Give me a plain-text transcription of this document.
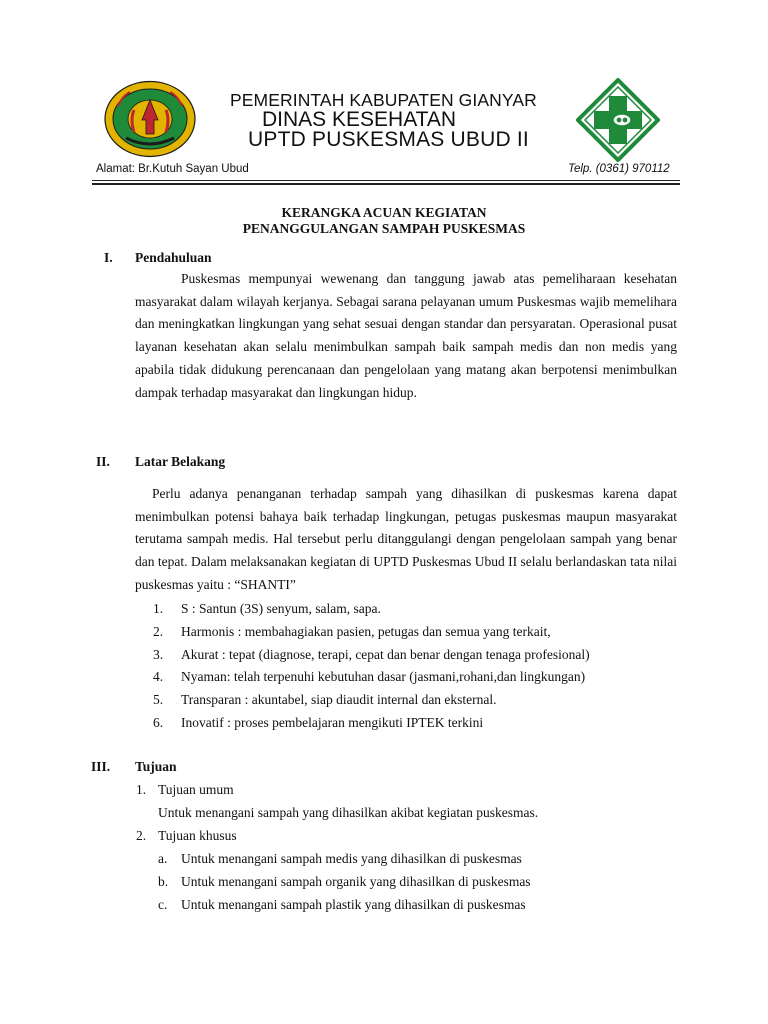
PEMERINTAH KABUPATEN GIANYAR
DINAS KESEHATAN
UPTD PUSKESMAS UBUD II
Alamat: Br.Kutuh Sayan Ubud	Telp. (0361) 970112
KERANGKA ACUAN KEGIATAN
PENANGGULANGAN SAMPAH PUSKESMAS
I. Pendahuluan

Puskesmas mempunyai wewenang dan tanggung jawab atas pemeliharaan kesehatan masyarakat dalam wilayah kerjanya. Sebagai sarana pelayanan umum Puskesmas wajib memelihara dan meningkatkan lingkungan yang sehat sesuai dengan standar dan persyaratan. Operasional pusat layanan kesehatan akan selalu menimbulkan sampah baik sampah medis dan non medis yang apabila tidak didukung perencanaan dan pengelolaan yang matang akan berpotensi menimbulkan dampak terhadap masyarakat dan lingkungan hidup.

II. Latar Belakang

Perlu adanya penanganan terhadap sampah yang dihasilkan di puskesmas karena dapat menimbulkan potensi bahaya baik terhadap lingkungan, petugas puskesmas maupun masyarakat terutama sampah medis. Hal tersebut perlu ditanggulangi dengan pengelolaan sampah yang benar dan tepat. Dalam melaksanakan kegiatan di UPTD Puskesmas Ubud II selalu berlandaskan tata nilai puskesmas yaitu : “SHANTI”

1. S : Santun (3S) senyum, salam, sapa.
2. Harmonis : membahagiakan pasien, petugas dan semua yang terkait,
3. Akurat : tepat (diagnose, terapi, cepat dan benar dengan tenaga profesional)
4. Nyaman: telah terpenuhi kebutuhan dasar (jasmani,rohani,dan lingkungan)
5. Transparan : akuntabel, siap diaudit internal dan eksternal.
6. Inovatif : proses pembelajaran mengikuti IPTEK terkini
III. Tujuan
1. Tujuan umum
Untuk menangani sampah yang dihasilkan akibat kegiatan puskesmas.
2. Tujuan khusus
a. Untuk menangani sampah medis yang dihasilkan di puskesmas
b. Untuk menangani sampah organik yang dihasilkan di puskesmas
c. Untuk menangani sampah plastik yang dihasilkan di puskesmas
